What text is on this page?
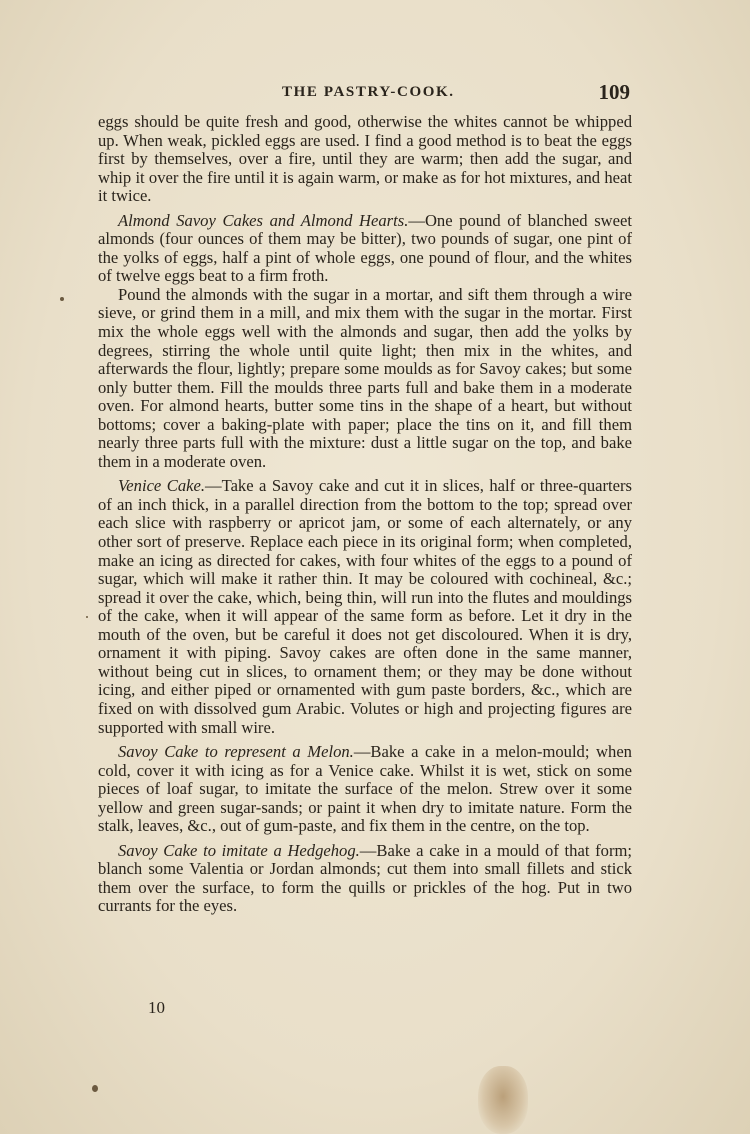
THE PASTRY-COOK.	109

eggs should be quite fresh and good, otherwise the whites cannot be whipped up. When weak, pickled eggs are used. I find a good method is to beat the eggs first by themselves, over a fire, until they are warm; then add the sugar, and whip it over the fire until it is again warm, or make as for hot mixtures, and heat it twice.

Almond Savoy Cakes and Almond Hearts.—One pound of blanched sweet almonds (four ounces of them may be bitter), two pounds of sugar, one pint of the yolks of eggs, half a pint of whole eggs, one pound of flour, and the whites of twelve eggs beat to a firm froth.

Pound the almonds with the sugar in a mortar, and sift them through a wire sieve, or grind them in a mill, and mix them with the sugar in the mortar. First mix the whole eggs well with the almonds and sugar, then add the yolks by degrees, stirring the whole until quite light; then mix in the whites, and afterwards the flour, lightly; prepare some moulds as for Savoy cakes; but some only butter them. Fill the moulds three parts full and bake them in a moderate oven. For almond hearts, butter some tins in the shape of a heart, but without bottoms; cover a baking-plate with paper; place the tins on it, and fill them nearly three parts full with the mixture: dust a little sugar on the top, and bake them in a moderate oven.

Venice Cake.—Take a Savoy cake and cut it in slices, half or three-quarters of an inch thick, in a parallel direction from the bottom to the top; spread over each slice with raspberry or apricot jam, or some of each alternately, or any other sort of preserve. Replace each piece in its original form; when completed, make an icing as directed for cakes, with four whites of the eggs to a pound of sugar, which will make it rather thin. It may be coloured with cochineal, &c.; spread it over the cake, which, being thin, will run into the flutes and mouldings of the cake, when it will appear of the same form as before. Let it dry in the mouth of the oven, but be careful it does not get discoloured. When it is dry, ornament it with piping. Savoy cakes are often done in the same manner, without being cut in slices, to ornament them; or they may be done without icing, and either piped or ornamented with gum paste borders, &c., which are fixed on with dissolved gum Arabic. Volutes or high and projecting figures are supported with small wire.

Savoy Cake to represent a Melon.—Bake a cake in a melon-mould; when cold, cover it with icing as for a Venice cake. Whilst it is wet, stick on some pieces of loaf sugar, to imitate the surface of the melon. Strew over it some yellow and green sugar-sands; or paint it when dry to imitate nature. Form the stalk, leaves, &c., out of gum-paste, and fix them in the centre, on the top.

Savoy Cake to imitate a Hedgehog.—Bake a cake in a mould of that form; blanch some Valentia or Jordan almonds; cut them into small fillets and stick them over the surface, to form the quills or prickles of the hog. Put in two currants for the eyes.

10
